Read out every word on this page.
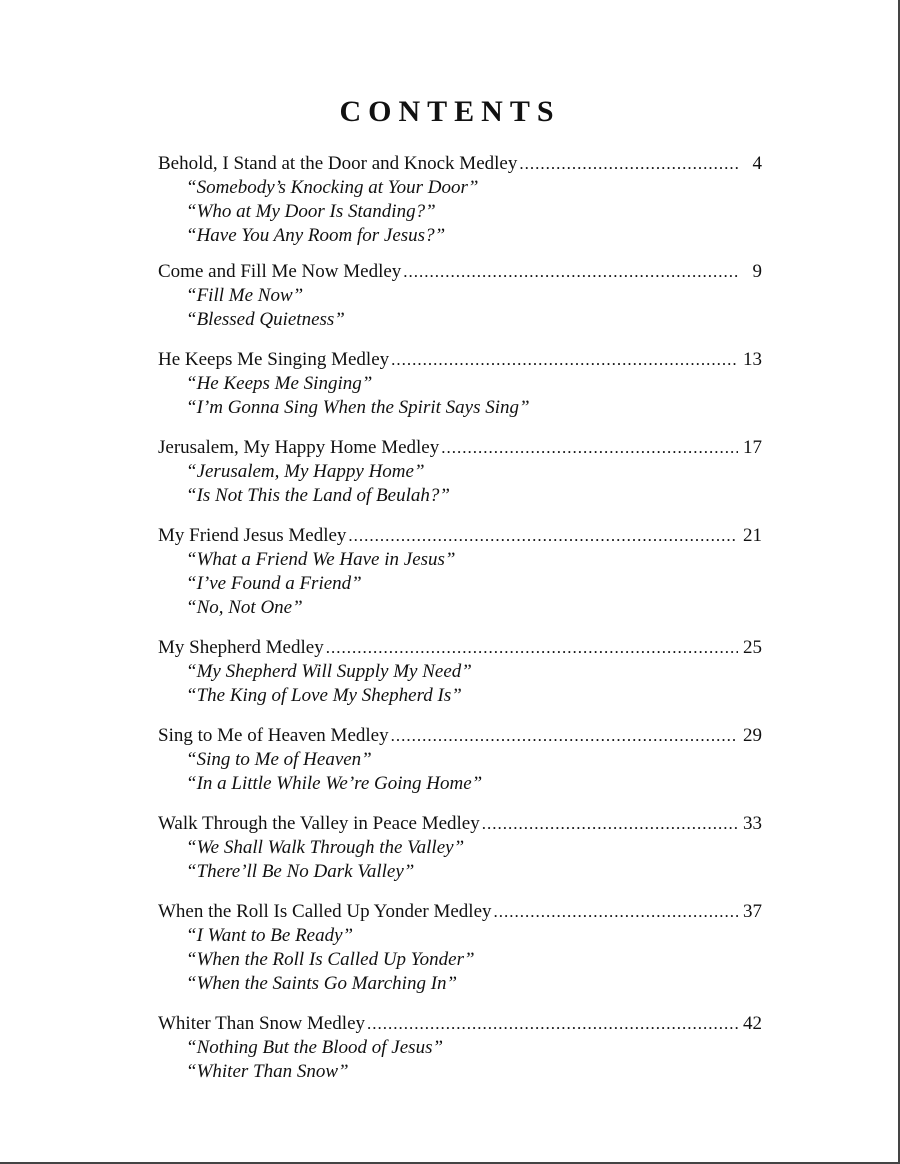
CONTENTS
Behold, I Stand at the Door and Knock Medley .....	4
“Somebody’s Knocking at Your Door”
“Who at My Door Is Standing?”
“Have You Any Room for Jesus?”
Come and Fill Me Now Medley .....	9
“Fill Me Now”
“Blessed Quietness”
He Keeps Me Singing Medley .....	13
“He Keeps Me Singing”
“I’m Gonna Sing When the Spirit Says Sing”
Jerusalem, My Happy Home Medley .....	17
“Jerusalem, My Happy Home”
“Is Not This the Land of Beulah?”
My Friend Jesus Medley .....	21
“What a Friend We Have in Jesus”
“I’ve Found a Friend”
“No, Not One”
My Shepherd Medley .....	25
“My Shepherd Will Supply My Need”
“The King of Love My Shepherd Is”
Sing to Me of Heaven Medley .....	29
“Sing to Me of Heaven”
“In a Little While We’re Going Home”
Walk Through the Valley in Peace Medley .....	33
“We Shall Walk Through the Valley”
“There’ll Be No Dark Valley”
When the Roll Is Called Up Yonder Medley .....	37
“I Want to Be Ready”
“When the Roll Is Called Up Yonder”
“When the Saints Go Marching In”
Whiter Than Snow Medley .....	42
“Nothing But the Blood of Jesus”
“Whiter Than Snow”
